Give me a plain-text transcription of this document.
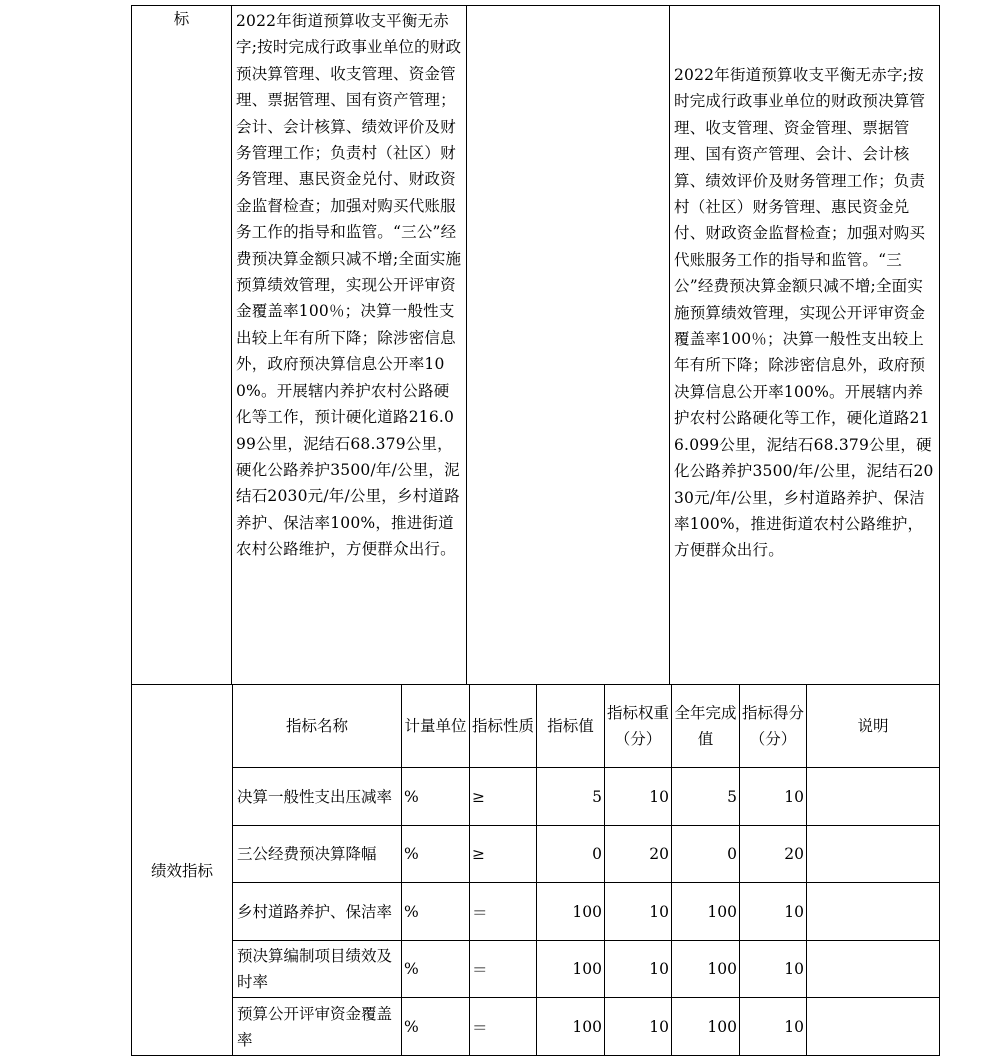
标	2022年街道预算收支平衡无赤字;按时完成行政事业单位的财政预决算管理、收支管理、资金管理、票据管理、国有资产管理；会计、会计核算、绩效评价及财务管理工作；负责村（社区）财务管理、惠民资金兑付、财政资金监督检查；加强对购买代账服务工作的指导和监管。“三公”经费预决算金额只减不增;全面实施预算绩效管理，实现公开评审资金覆盖率100％；决算一般性支出较上年有所下降；除涉密信息外，政府预决算信息公开率100%。开展辖内养护农村公路硬化等工作，预计硬化道路216.099公里，泥结石68.379公里，硬化公路养护3500/年/公里，泥结石2030元/年/公里，乡村道路养护、保洁率100%，推进街道农村公路维护，方便群众出行。		2022年街道预算收支平衡无赤字;按时完成行政事业单位的财政预决算管理、收支管理、资金管理、票据管理、国有资产管理、会计、会计核算、绩效评价及财务管理工作；负责村（社区）财务管理、惠民资金兑付、财政资金监督检查；加强对购买代账服务工作的指导和监管。“三公”经费预决算金额只减不增;全面实施预算绩效管理，实现公开评审资金覆盖率100％；决算一般性支出较上年有所下降；除涉密信息外，政府预决算信息公开率100%。开展辖内养护农村公路硬化等工作，硬化道路216.099公里，泥结石68.379公里，硬化公路养护3500/年/公里，泥结石2030元/年/公里，乡村道路养护、保洁率100%，推进街道农村公路维护，方便群众出行。
绩效指标	指标名称	计量单位	指标性质	指标值	指标权重（分）	全年完成值	指标得分（分）	说明
	决算一般性支出压减率	%	≥	5	10	5	10	
	三公经费预决算降幅	%	≥	0	20	0	20	
	乡村道路养护、保洁率	%	＝	100	10	100	10	
	预决算编制项目绩效及时率	%	＝	100	10	100	10	
	预算公开评审资金覆盖率	%	＝	100	10	100	10	
